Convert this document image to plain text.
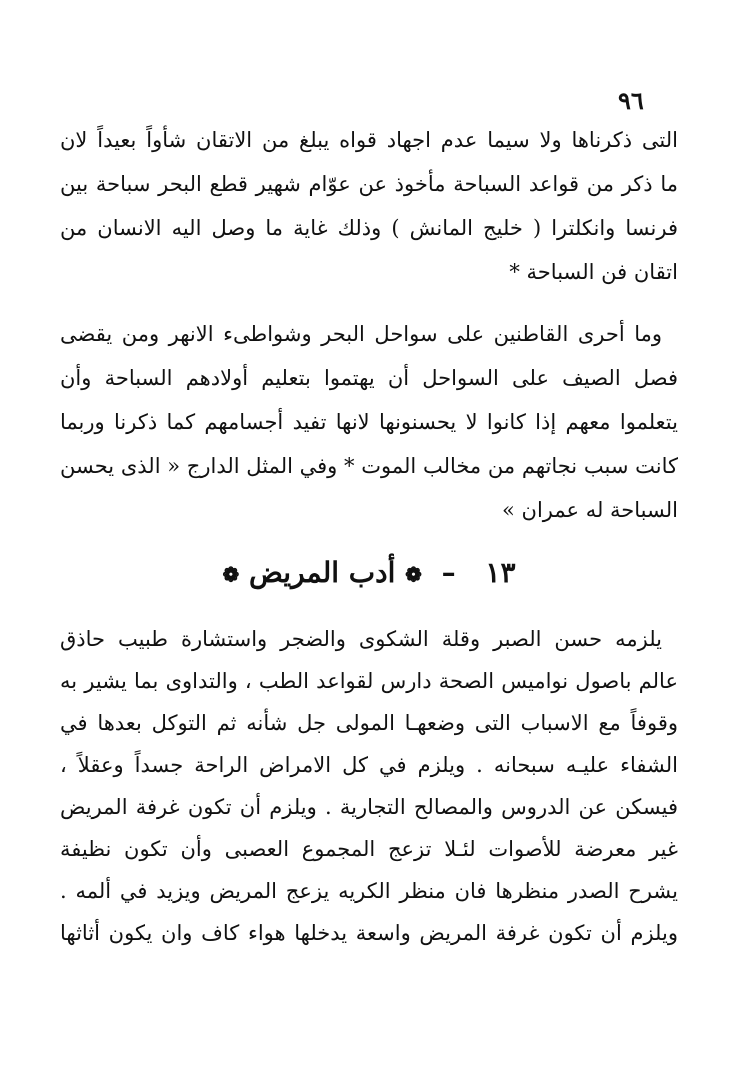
٩٦
التى ذكرناها ولا سيما عدم اجهاد قواه يبلغ من الاتقان شأواً بعيداً لان
ما ذكر من قواعد السباحة مأخوذ عن عوّام شهير قطع البحر سباحة بين
فرنسا وانكلترا ( خليج المانش ) وذلك غاية ما وصل اليه الانسان من
اتقان فن السباحة *
وما أحرى القاطنين على سواحل البحر وشواطىء الانهر ومن يقضى
فصل الصيف على السواحل أن يهتموا بتعليم أولادهم السباحة وأن
يتعلموا معهم إذا كانوا لا يحسنونها لانها تفيد أجسامهم كما ذكرنا وربما
كانت سبب نجاتهم من مخالب الموت * وفي المثل الدارج « الذى يحسن
السباحة له عمران »
١٣ – ❁ أدب المريض ❁
يلزمه حسن الصبر وقلة الشكوى والضجر واستشارة طبيب حاذق
عالم باصول نواميس الصحة دارس لقواعد الطب ، والتداوى بما يشير به
وقوفاً مع الاسباب التى وضعهـا المولى جل شأنه ثم التوكل بعدها في
الشفاء عليـه سبحانه . ويلزم في كل الامراض الراحة جسداً وعقلاً ،
فيسكن عن الدروس والمصالح التجارية . ويلزم أن تكون غرفة المريض
غير معرضة للأصوات لئـلا تزعج المجموع العصبى وأن تكون نظيفة
يشرح الصدر منظرها فان منظر الكريه يزعج المريض ويزيد في ألمه .
ويلزم أن تكون غرفة المريض واسعة يدخلها هواء كاف وان يكون أثاثها
